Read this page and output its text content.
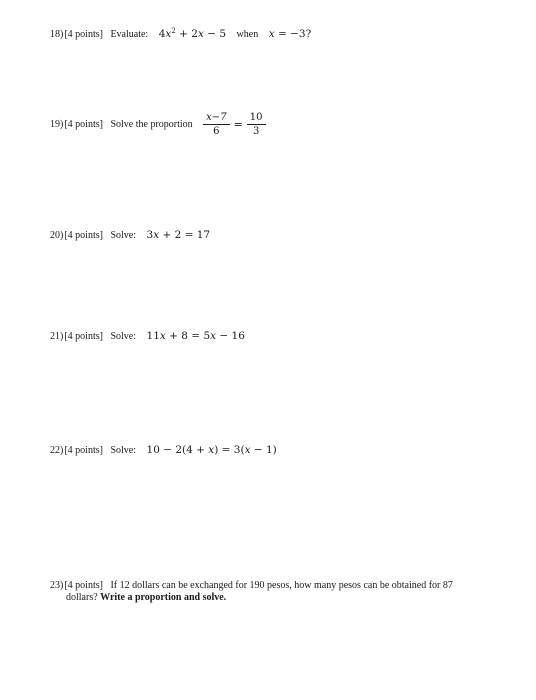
18)[4 points] Evaluate: $4x^2 + 2x - 5$ when x = −3?
19)[4 points] Solve the proportion $\frac{x-7}{6} = \frac{10}{3}$
20)[4 points] Solve: 3x + 2 = 17
21)[4 points] Solve: 11x + 8 = 5x − 16
22)[4 points] Solve: 10 − 2(4 + x) = 3(x − 1)
23)[4 points] If 12 dollars can be exchanged for 190 pesos, how many pesos can be obtained for 87
dollars? Write a proportion and solve.
